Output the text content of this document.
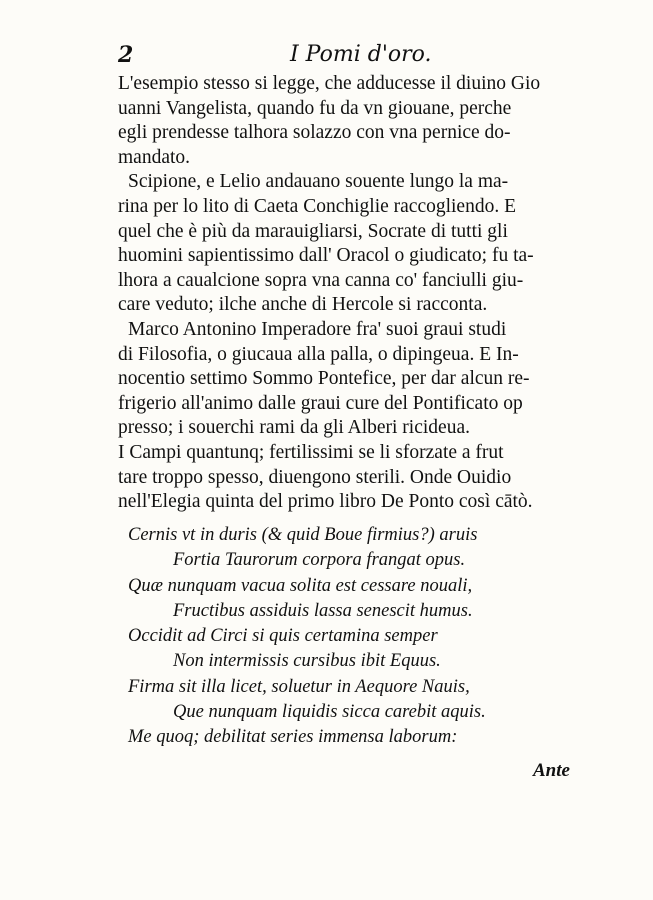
2	I Pomi d'oro.
L'esempio stesso si legge, che adducesse il diuino Gio
uanni Vangelista, quando fu da vn giouane, perche
egli prendesse talhora solazzo con vna pernice do-
mandato.
Scipione, e Lelio andauano souente lungo la ma-
rina per lo lito di Caeta Conchiglie raccogliendo. E
quel che è più da marauigliarsi, Socrate di tutti gli
huomini sapientissimo dall' Oracol o giudicato; fu ta-
lhora a caualcione sopra vna canna co' fanciulli giu-
care veduto; ilche anche di Hercole si racconta.
Marco Antonino Imperadore fra' suoi graui studi
di Filosofia, o giucaua alla palla, o dipingeua. E In-
nocentio settimo Sommo Pontefice, per dar alcun re-
frigerio all'animo dalle graui cure del Pontificato op
presso; i souerchi rami da gli Alberi ricideua.
I Campi quantunq; fertilissimi se li sforzate a frut
tare troppo spesso, diuengono sterili. Onde Ouidio
nell'Elegia quinta del primo libro De Ponto così cātò.
Cernis vt in duris (& quid Boue firmius?) aruis
Fortia Taurorum corpora frangat opus.
Quæ nunquam vacua solita est cessare nouali,
Fructibus assiduis lassa senescit humus.
Occidit ad Circi si quis certamina semper
Non intermissis cursibus ibit Equus.
Firma sit illa licet, soluetur in Aequore Nauis,
Que nunquam liquidis sicca carebit aquis.
Me quoq; debilitat series immensa laborum:
Ante
